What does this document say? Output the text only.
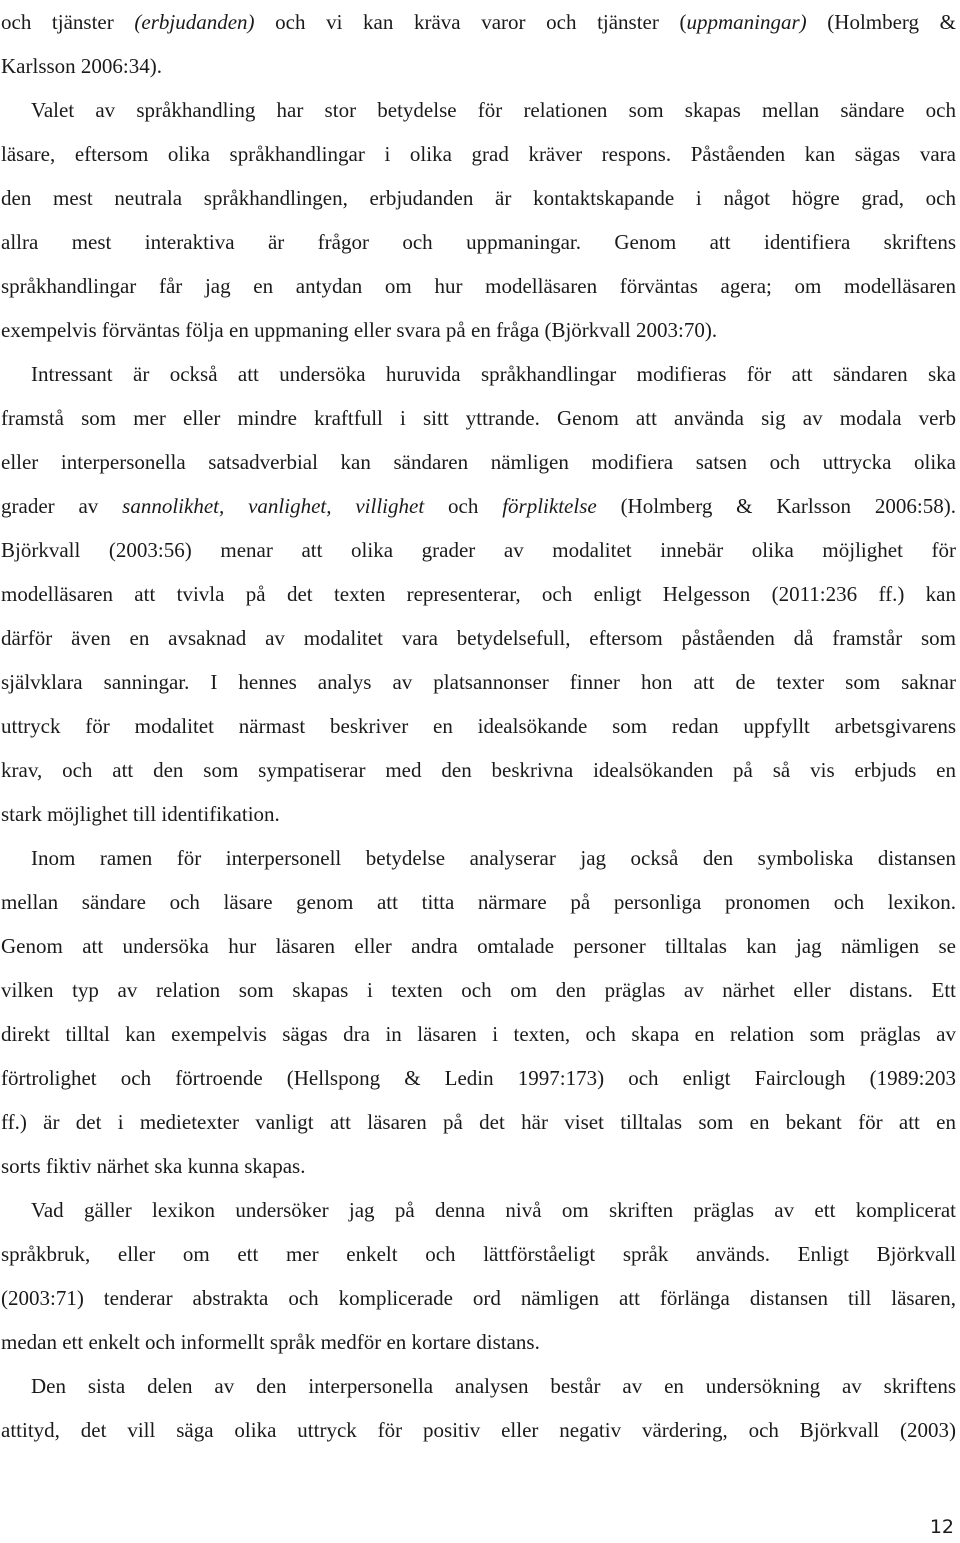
och tjänster (erbjudanden) och vi kan kräva varor och tjänster (uppmaningar) (Holmberg &
Karlsson 2006:34).
Valet av språkhandling har stor betydelse för relationen som skapas mellan sändare och
läsare, eftersom olika språkhandlingar i olika grad kräver respons. Påståenden kan sägas vara
den mest neutrala språkhandlingen, erbjudanden är kontaktskapande i något högre grad, och
allra mest interaktiva är frågor och uppmaningar. Genom att identifiera skriftens
språkhandlingar får jag en antydan om hur modelläsaren förväntas agera; om modelläsaren
exempelvis förväntas följa en uppmaning eller svara på en fråga (Björkvall 2003:70).
Intressant är också att undersöka huruvida språkhandlingar modifieras för att sändaren ska
framstå som mer eller mindre kraftfull i sitt yttrande. Genom att använda sig av modala verb
eller interpersonella satsadverbial kan sändaren nämligen modifiera satsen och uttrycka olika
grader av sannolikhet, vanlighet, villighet och förpliktelse (Holmberg & Karlsson 2006:58).
Björkvall (2003:56) menar att olika grader av modalitet innebär olika möjlighet för
modelläsaren att tvivla på det texten representerar, och enligt Helgesson (2011:236 ff.) kan
därför även en avsaknad av modalitet vara betydelsefull, eftersom påståenden då framstår som
självklara sanningar. I hennes analys av platsannonser finner hon att de texter som saknar
uttryck för modalitet närmast beskriver en idealsökande som redan uppfyllt arbetsgivarens
krav, och att den som sympatiserar med den beskrivna idealsökanden på så vis erbjuds en
stark möjlighet till identifikation.
Inom ramen för interpersonell betydelse analyserar jag också den symboliska distansen
mellan sändare och läsare genom att titta närmare på personliga pronomen och lexikon.
Genom att undersöka hur läsaren eller andra omtalade personer tilltalas kan jag nämligen se
vilken typ av relation som skapas i texten och om den präglas av närhet eller distans. Ett
direkt tilltal kan exempelvis sägas dra in läsaren i texten, och skapa en relation som präglas av
förtrolighet och förtroende (Hellspong & Ledin 1997:173) och enligt Fairclough (1989:203
ff.) är det i medietexter vanligt att läsaren på det här viset tilltalas som en bekant för att en
sorts fiktiv närhet ska kunna skapas.
Vad gäller lexikon undersöker jag på denna nivå om skriften präglas av ett komplicerat
språkbruk, eller om ett mer enkelt och lättförståeligt språk används. Enligt Björkvall
(2003:71) tenderar abstrakta och komplicerade ord nämligen att förlänga distansen till läsaren,
medan ett enkelt och informellt språk medför en kortare distans.
Den sista delen av den interpersonella analysen består av en undersökning av skriftens
attityd, det vill säga olika uttryck för positiv eller negativ värdering, och Björkvall (2003)
12
